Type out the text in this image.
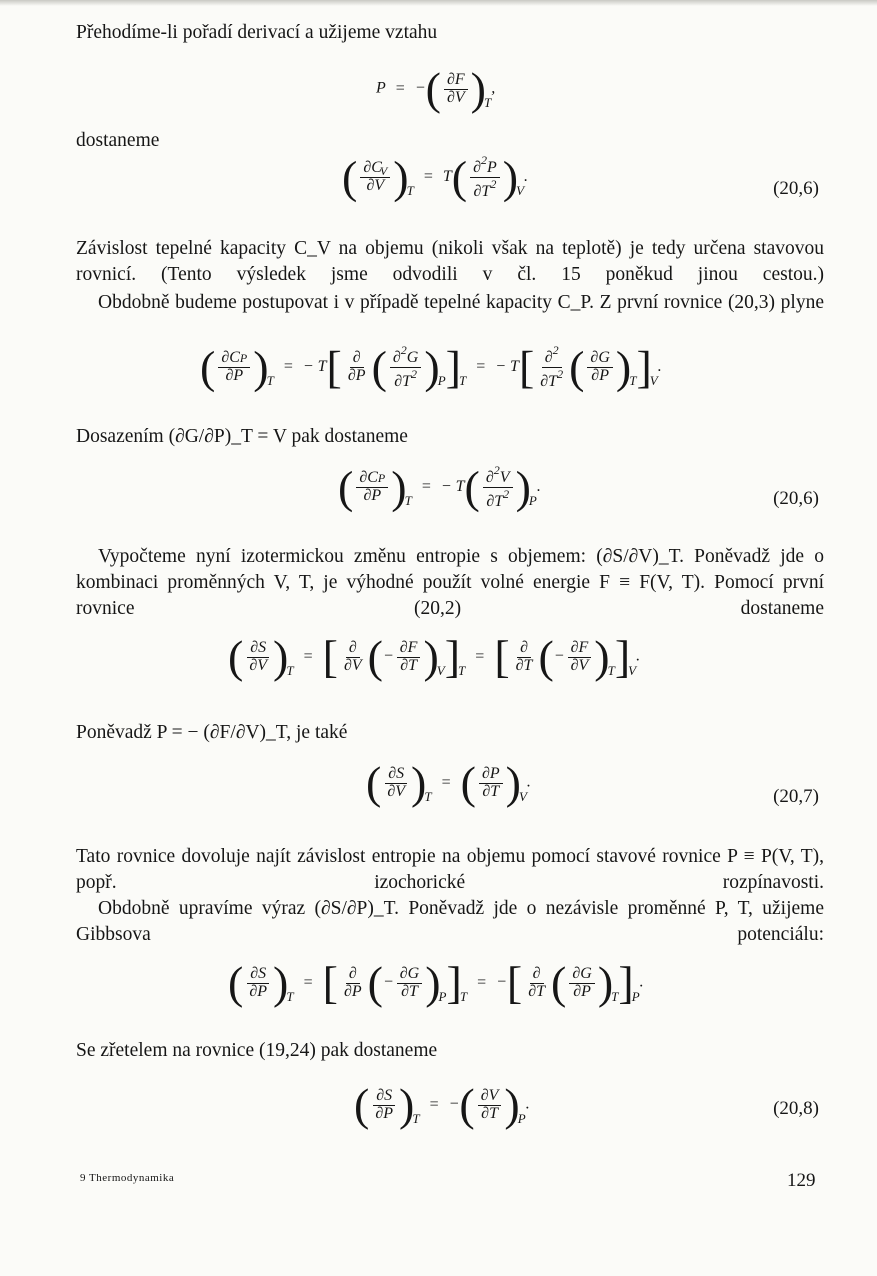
Přehodíme-li pořadí derivací a užijeme vztahu

P = −( $\frac{\partial F}{\partial V} )_T$,

dostaneme

( $\frac{\partial C_V}{\partial V} )_T= T( \frac{\partial^2P}{\partial T^2} )_V$.
(20,6)

Závislost tepelné kapacity C_V na objemu (nikoli však na teplotě) je tedy určena stavovou rovnicí. (Tento výsledek jsme odvodili v čl. 15 poněkud jinou cestou.)

Obdobně budeme postupovat i v případě tepelné kapacity C_P. Z první rovnice (20,3) plyne

( $\frac{\partial CP}{\partial P} )_T= - T[ \frac{\partial}{\partial P}$ ( $\frac{\partial^2G}{\partial T^2} )_P]_T= - T[ \frac{\partial^2}{\partial T^2}$ ( $\frac{\partial G}{\partial P} )_T]_V$.

Dosazením (∂G/∂P)_T = V pak dostaneme

( $\frac{\partial CP}{\partial P} )_T= - T( \frac{\partial^2V}{\partial T^2} )_P$.
(20,6)

Vypočteme nyní izotermickou změnu entropie s objemem: (∂S/∂V)_T. Poněvadž jde o kombinaci proměnných V, T, je výhodné použít volné energie F ≡ F(V, T). Pomocí první rovnice (20,2) dostaneme

( $\frac{\partial S}{\partial V} )_T=$ [ $\frac{\partial}{\partial V}$ (− $\frac{\partial F}{\partial T} )_V]_T=$ [ $\frac{\partial}{\partial T}$ (− $\frac{\partial F}{\partial V} )_T]_V$.

Poněvadž P = − (∂F/∂V)_T, je také

( $\frac{\partial S}{\partial V} )_T=$ ( $\frac{\partial P}{\partial T} )_V$.
(20,7)

Tato rovnice dovoluje najít závislost entropie na objemu pomocí stavové rovnice P ≡ P(V, T), popř. izochorické rozpínavosti.

Obdobně upravíme výraz (∂S/∂P)_T. Poněvadž jde o nezávisle proměnné P, T, užijeme Gibbsova potenciálu:

( $\frac{\partial S}{\partial P} )_T=$ [ $\frac{\partial}{\partial P}$ (− $\frac{\partial G}{\partial T} )_P]_T=$ −[ $\frac{\partial}{\partial T}$ ( $\frac{\partial G}{\partial P} )_T]_P$.

Se zřetelem na rovnice (19,24) pak dostaneme

( $\frac{\partial S}{\partial P} )_T=$ −( $\frac{\partial V}{\partial T} )_P$.	(20,8)
9 Thermodynamika	129
